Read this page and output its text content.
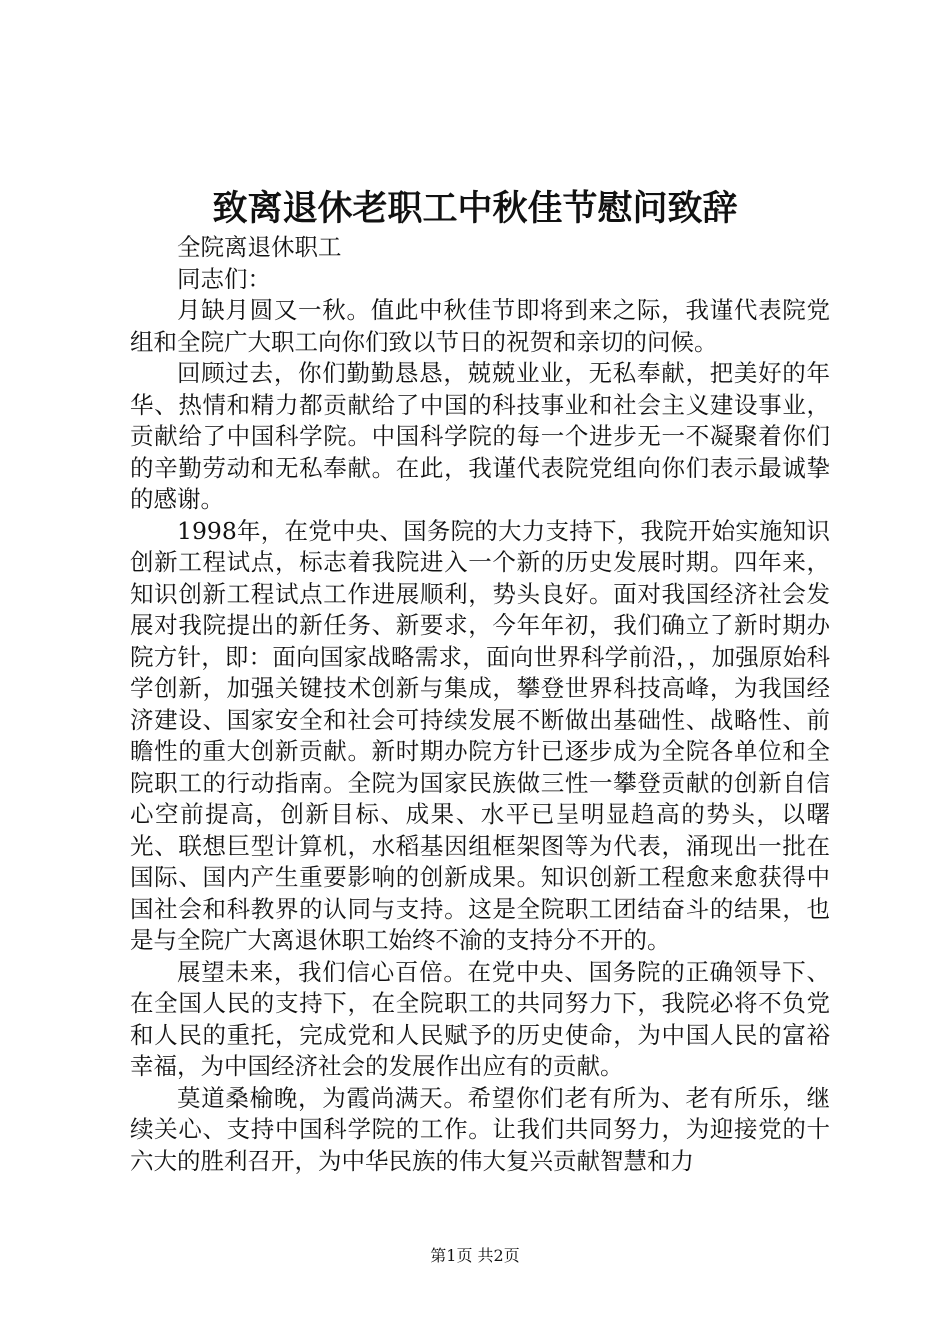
致离退休老职工中秋佳节慰问致辞

全院离退休职工

同志们：

月缺月圆又一秋。值此中秋佳节即将到来之际，我谨代表院党组和全院广大职工向你们致以节日的祝贺和亲切的问候。

回顾过去，你们勤勤恳恳，兢兢业业，无私奉献，把美好的年华、热情和精力都贡献给了中国的科技事业和社会主义建设事业，贡献给了中国科学院。中国科学院的每一个进步无一不凝聚着你们的辛勤劳动和无私奉献。在此，我谨代表院党组向你们表示最诚挚的感谢。

1998年，在党中央、国务院的大力支持下，我院开始实施知识创新工程试点，标志着我院进入一个新的历史发展时期。四年来，知识创新工程试点工作进展顺利，势头良好。面对我国经济社会发展对我院提出的新任务、新要求，今年年初，我们确立了新时期办院方针，即：面向国家战略需求，面向世界科学前沿，，加强原始科学创新，加强关键技术创新与集成，攀登世界科技高峰，为我国经济建设、国家安全和社会可持续发展不断做出基础性、战略性、前瞻性的重大创新贡献。新时期办院方针已逐步成为全院各单位和全院职工的行动指南。全院为国家民族做三性一攀登贡献的创新自信心空前提高，创新目标、成果、水平已呈明显趋高的势头，以曙光、联想巨型计算机，水稻基因组框架图等为代表，涌现出一批在国际、国内产生重要影响的创新成果。知识创新工程愈来愈获得中国社会和科教界的认同与支持。这是全院职工团结奋斗的结果，也是与全院广大离退休职工始终不渝的支持分不开的。

展望未来，我们信心百倍。在党中央、国务院的正确领导下、在全国人民的支持下，在全院职工的共同努力下，我院必将不负党和人民的重托，完成党和人民赋予的历史使命，为中国人民的富裕幸福，为中国经济社会的发展作出应有的贡献。

莫道桑榆晚，为霞尚满天。希望你们老有所为、老有所乐，继续关心、支持中国科学院的工作。让我们共同努力，为迎接党的十六大的胜利召开，为中华民族的伟大复兴贡献智慧和力

第1页 共2页
